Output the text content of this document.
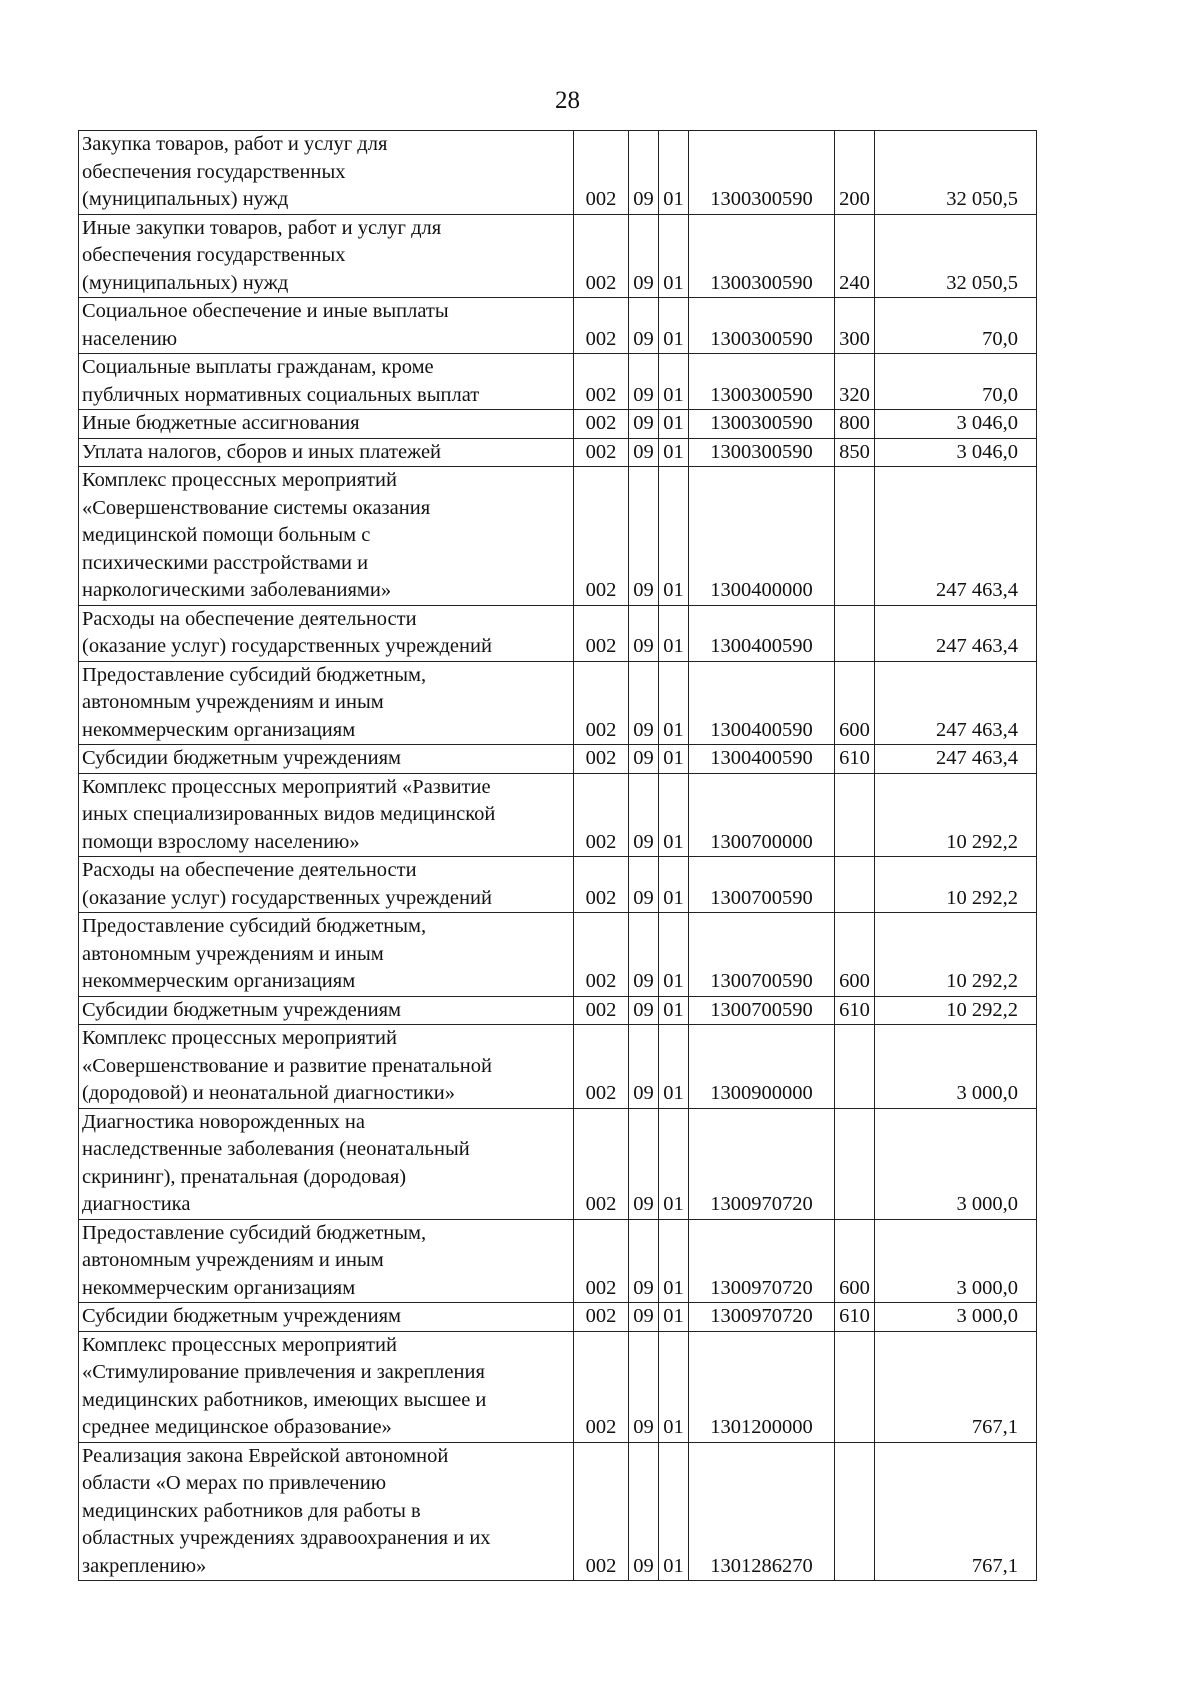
28
Закупка товаров, работ и услуг для
обеспечения государственных
(муниципальных) нужд	002	09	01	1300300590	200	32 050,5
Иные закупки товаров, работ и услуг для
обеспечения государственных
(муниципальных) нужд	002	09	01	1300300590	240	32 050,5
Социальное обеспечение и иные выплаты
населению	002	09	01	1300300590	300	70,0
Социальные выплаты гражданам, кроме
публичных нормативных социальных выплат	002	09	01	1300300590	320	70,0
Иные бюджетные ассигнования	002	09	01	1300300590	800	3 046,0
Уплата налогов, сборов и иных платежей	002	09	01	1300300590	850	3 046,0
Комплекс процессных мероприятий
«Совершенствование системы оказания
медицинской помощи больным с
психическими расстройствами и
наркологическими заболеваниями»	002	09	01	1300400000		247 463,4
Расходы на обеспечение деятельности
(оказание услуг) государственных учреждений	002	09	01	1300400590		247 463,4
Предоставление субсидий бюджетным,
автономным учреждениям и иным
некоммерческим организациям	002	09	01	1300400590	600	247 463,4
Субсидии бюджетным учреждениям	002	09	01	1300400590	610	247 463,4
Комплекс процессных мероприятий «Развитие
иных специализированных видов медицинской
помощи взрослому населению»	002	09	01	1300700000		10 292,2
Расходы на обеспечение деятельности
(оказание услуг) государственных учреждений	002	09	01	1300700590		10 292,2
Предоставление субсидий бюджетным,
автономным учреждениям и иным
некоммерческим организациям	002	09	01	1300700590	600	10 292,2
Субсидии бюджетным учреждениям	002	09	01	1300700590	610	10 292,2
Комплекс процессных мероприятий
«Совершенствование и развитие пренатальной
(дородовой) и неонатальной диагностики»	002	09	01	1300900000		3 000,0
Диагностика новорожденных на
наследственные заболевания (неонатальный
скрининг), пренатальная (дородовая)
диагностика	002	09	01	1300970720		3 000,0
Предоставление субсидий бюджетным,
автономным учреждениям и иным
некоммерческим организациям	002	09	01	1300970720	600	3 000,0
Субсидии бюджетным учреждениям	002	09	01	1300970720	610	3 000,0
Комплекс процессных мероприятий
«Стимулирование привлечения и закрепления
медицинских работников, имеющих высшее и
среднее медицинское образование»	002	09	01	1301200000		767,1
Реализация закона Еврейской автономной
области «О мерах по привлечению
медицинских работников для работы в
областных учреждениях здравоохранения и их
закреплению»	002	09	01	1301286270		767,1
